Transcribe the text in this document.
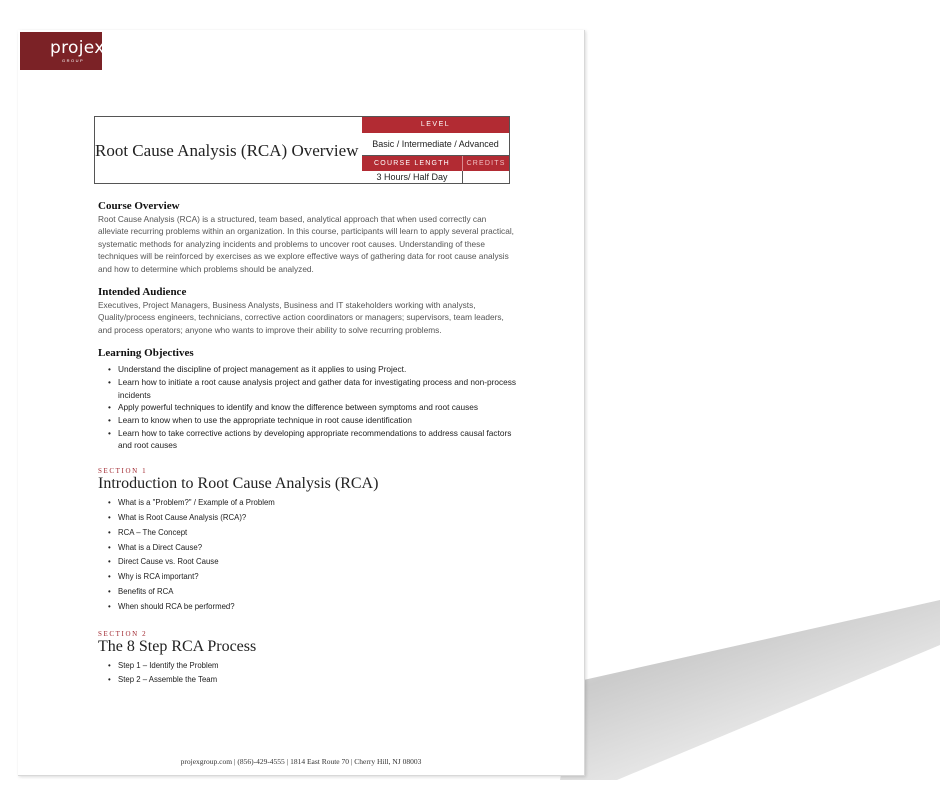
projex
GROUP
Root Cause Analysis (RCA) Overview
LEVEL
Basic / Intermediate / Advanced
COURSE LENGTH	CREDITS
3 Hours/ Half Day
Course Overview

Root Cause Analysis (RCA) is a structured, team based, analytical approach that when used correctly can alleviate recurring problems within an organization. In this course, participants will learn to apply several practical, systematic methods for analyzing incidents and problems to uncover root causes. Understanding of these techniques will be reinforced by exercises as we explore effective ways of gathering data for root cause analysis and how to determine which problems should be analyzed.

Intended Audience

Executives, Project Managers, Business Analysts, Business and IT stakeholders working with analysts, Quality/process engineers, technicians, corrective action coordinators or managers; supervisors, team leaders, and process operators; anyone who wants to improve their ability to solve recurring problems.

Learning Objectives
• Understand the discipline of project management as it applies to using Project.
• Learn how to initiate a root cause analysis project and gather data for investigating process and non-process incidents
• Apply powerful techniques to identify and know the difference between symptoms and root causes
• Learn to know when to use the appropriate technique in root cause identification
• Learn how to take corrective actions by developing appropriate recommendations to address causal factors and root causes
SECTION 1
Introduction to Root Cause Analysis (RCA)
• What is a "Problem?" / Example of a Problem
• What is Root Cause Analysis (RCA)?
• RCA – The Concept
• What is a Direct Cause?
• Direct Cause vs. Root Cause
• Why is RCA important?
• Benefits of RCA
• When should RCA be performed?
SECTION 2
The 8 Step RCA Process
• Step 1 – Identify the Problem
• Step 2 – Assemble the Team
projexgroup.com | (856)-429-4555 | 1814 East Route 70 | Cherry Hill, NJ 08003
